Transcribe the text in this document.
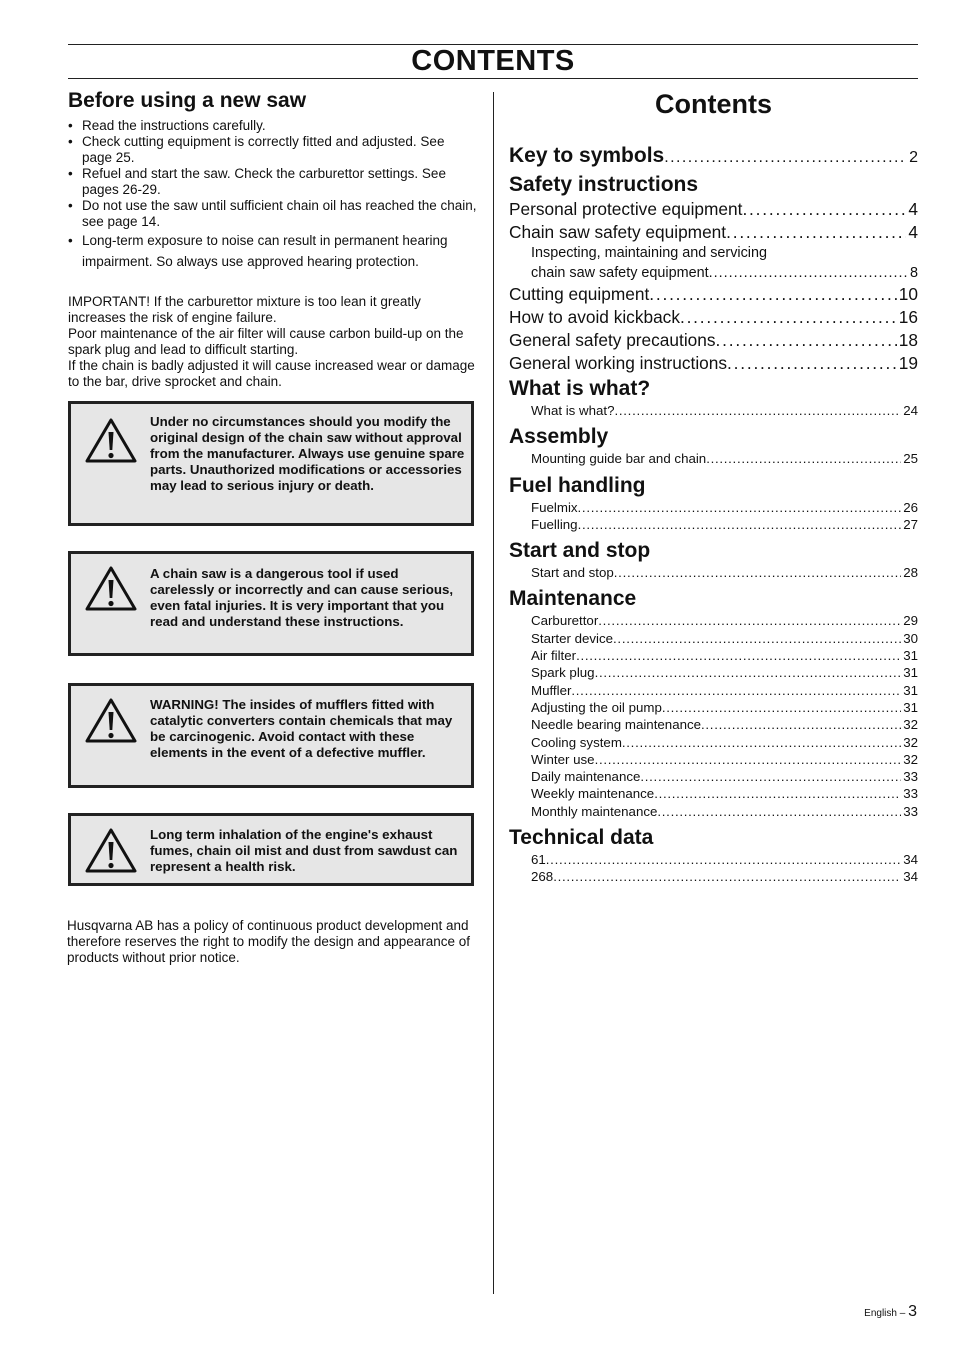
CONTENTS
Before using a new saw
• Read the instructions carefully.
• Check cutting equipment is correctly fitted and adjusted. See page 25.
• Refuel and start the saw. Check the carburettor settings. See pages 26-29.
• Do not use the saw until sufficient chain oil has reached the chain, see page 14.
• Long-term exposure to noise can result in permanent hearing impairment. So always use approved hearing protection.

IMPORTANT! If the carburettor mixture is too lean it greatly increases the risk of engine failure.

Poor maintenance of the air filter will cause carbon build-up on the spark plug and lead to difficult starting.

If the chain is badly adjusted it will cause increased wear or damage to the bar, drive sprocket and chain.

Under no circumstances should you modify the original design of the chain saw without approval from the manufacturer. Always use genuine spare parts. Unauthorized modifications or accessories may lead to serious injury or death.
A chain saw is a dangerous tool if used carelessly or incorrectly and can cause serious, even fatal injuries. It is very important that you read and understand these instructions.
WARNING! The insides of mufflers fitted with catalytic converters contain chemicals that may be carcinogenic. Avoid contact with these elements in the event of a defective muffler.
Long term inhalation of the engine's exhaust fumes, chain oil mist and dust from sawdust can represent a health risk.

Husqvarna AB has a policy of continuous product development and therefore reserves the right to modify the design and appearance of products without prior notice.

Contents
Key to symbols . . .	2
Safety instructions
Personal protective equipment . . .	4
Chain saw safety equipment . . .	4
Inspecting, maintaining and servicing
chain saw safety equipment . . .	8
Cutting equipment . . .	10
How to avoid kickback . . .	16
General safety precautions . . .	18
General working instructions . . .	19
What is what?
What is what? . . .	24
Assembly
Mounting guide bar and chain . . .	25
Fuel handling
Fuelmix . . .	26
Fuelling . . .	27
Start and stop
Start and stop . . .	28
Maintenance
Carburettor . . .	29
Starter device . . .	30
Air filter . . .	31
Spark plug . . .	31
Muffler . . .	31
Adjusting the oil pump . . .	31
Needle bearing maintenance . . .	32
Cooling system . . .	32
Winter use . . .	32
Daily maintenance . . .	33
Weekly maintenance . . .	33
Monthly maintenance . . .	33
Technical data
61 . . .	34
268 . . .	34
English – 3
